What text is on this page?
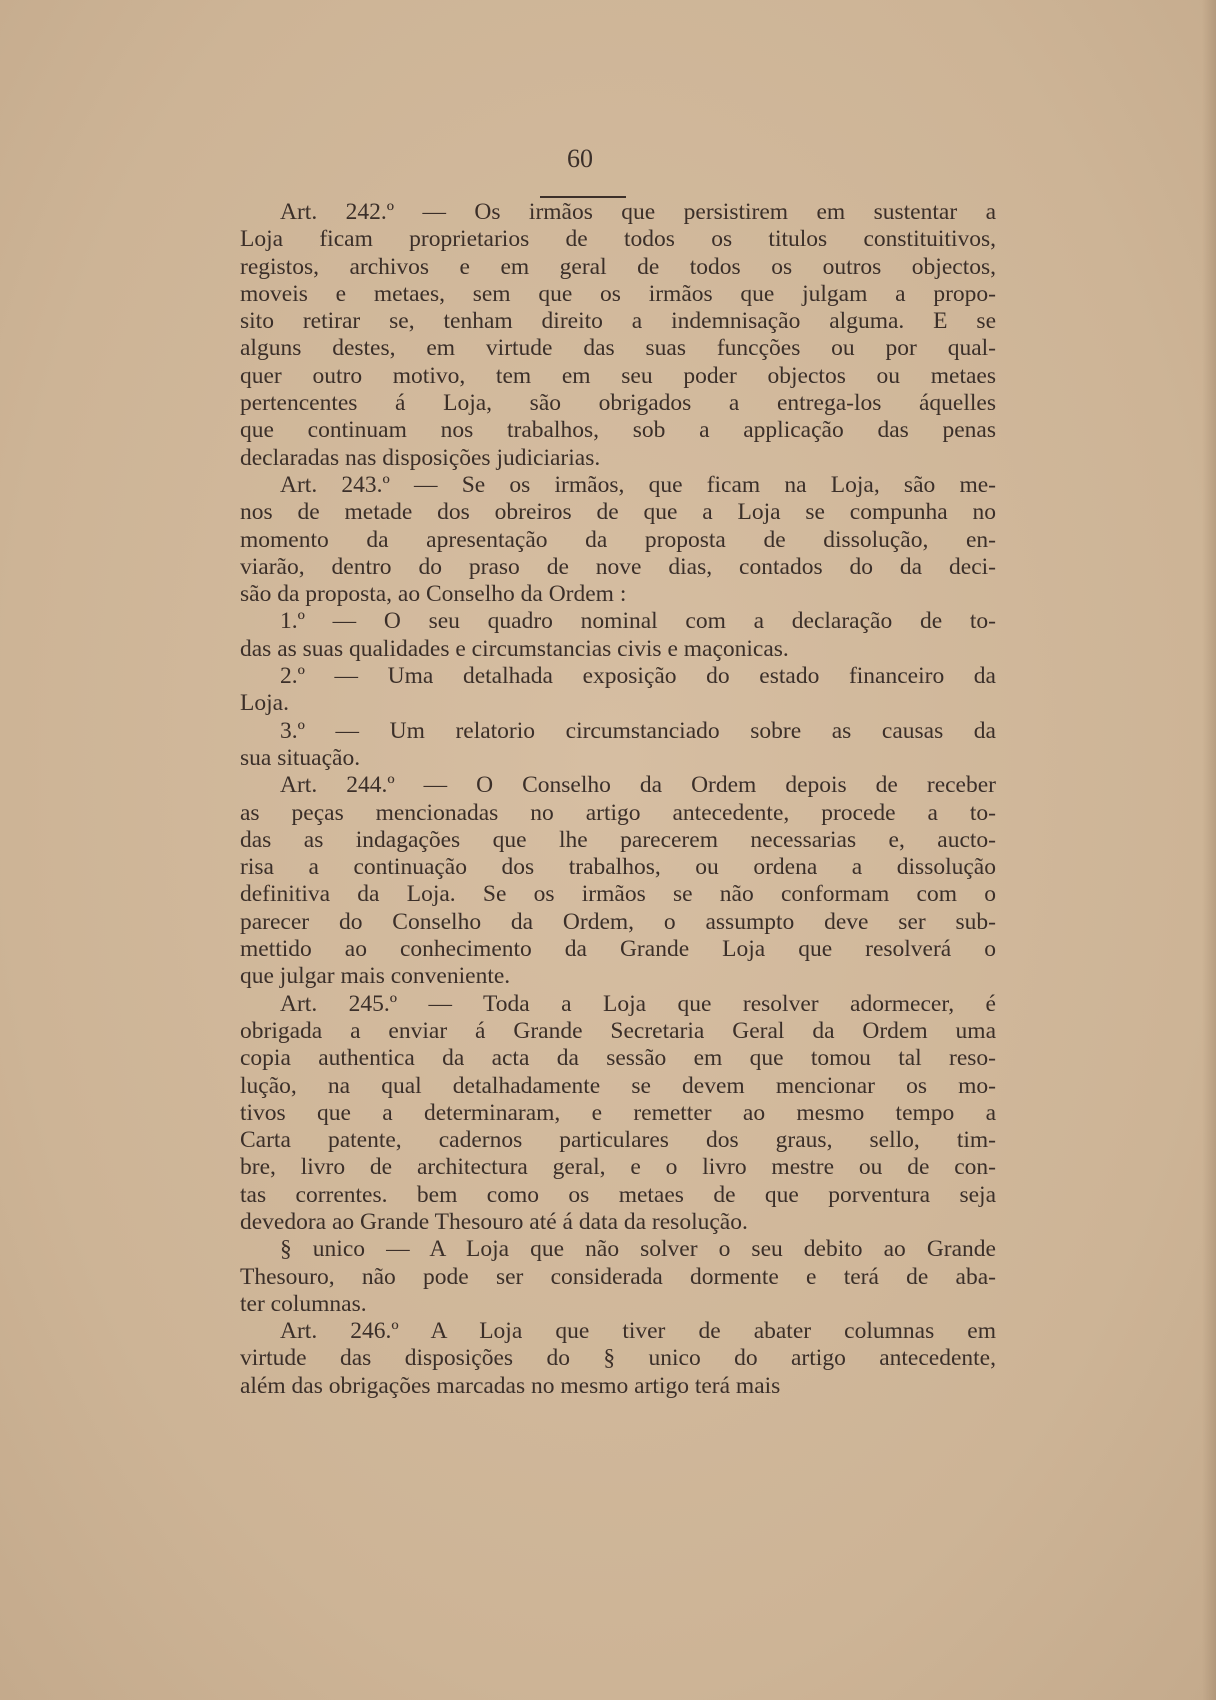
60
Art. 242.º — Os irmãos que persistirem em sustentar a
Loja ficam proprietarios de todos os titulos constituitivos,
registos, archivos e em geral de todos os outros objectos,
moveis e metaes, sem que os irmãos que julgam a propo-
sito retirar se, tenham direito a indemnisação alguma. E se
alguns destes, em virtude das suas funcções ou por qual-
quer outro motivo, tem em seu poder objectos ou metaes
pertencentes á Loja, são obrigados a entrega-los áquelles
que continuam nos trabalhos, sob a applicação das penas
declaradas nas disposições judiciarias.
Art. 243.º — Se os irmãos, que ficam na Loja, são me-
nos de metade dos obreiros de que a Loja se compunha no
momento da apresentação da proposta de dissolução, en-
viarão, dentro do praso de nove dias, contados do da deci-
são da proposta, ao Conselho da Ordem :
1.º — O seu quadro nominal com a declaração de to-
das as suas qualidades e circumstancias civis e maçonicas.
2.º — Uma detalhada exposição do estado financeiro da
Loja.
3.º — Um relatorio circumstanciado sobre as causas da
sua situação.
Art. 244.º — O Conselho da Ordem depois de receber
as peças mencionadas no artigo antecedente, procede a to-
das as indagações que lhe parecerem necessarias e, aucto-
risa a continuação dos trabalhos, ou ordena a dissolução
definitiva da Loja. Se os irmãos se não conformam com o
parecer do Conselho da Ordem, o assumpto deve ser sub-
mettido ao conhecimento da Grande Loja que resolverá o
que julgar mais conveniente.
Art. 245.º — Toda a Loja que resolver adormecer, é
obrigada a enviar á Grande Secretaria Geral da Ordem uma
copia authentica da acta da sessão em que tomou tal reso-
lução, na qual detalhadamente se devem mencionar os mo-
tivos que a determinaram, e remetter ao mesmo tempo a
Carta patente, cadernos particulares dos graus, sello, tim-
bre, livro de architectura geral, e o livro mestre ou de con-
tas correntes. bem como os metaes de que porventura seja
devedora ao Grande Thesouro até á data da resolução.
§ unico — A Loja que não solver o seu debito ao Grande
Thesouro, não pode ser considerada dormente e terá de aba-
ter columnas.
Art. 246.º A Loja que tiver de abater columnas em
virtude das disposições do § unico do artigo antecedente,
além das obrigações marcadas no mesmo artigo terá mais
